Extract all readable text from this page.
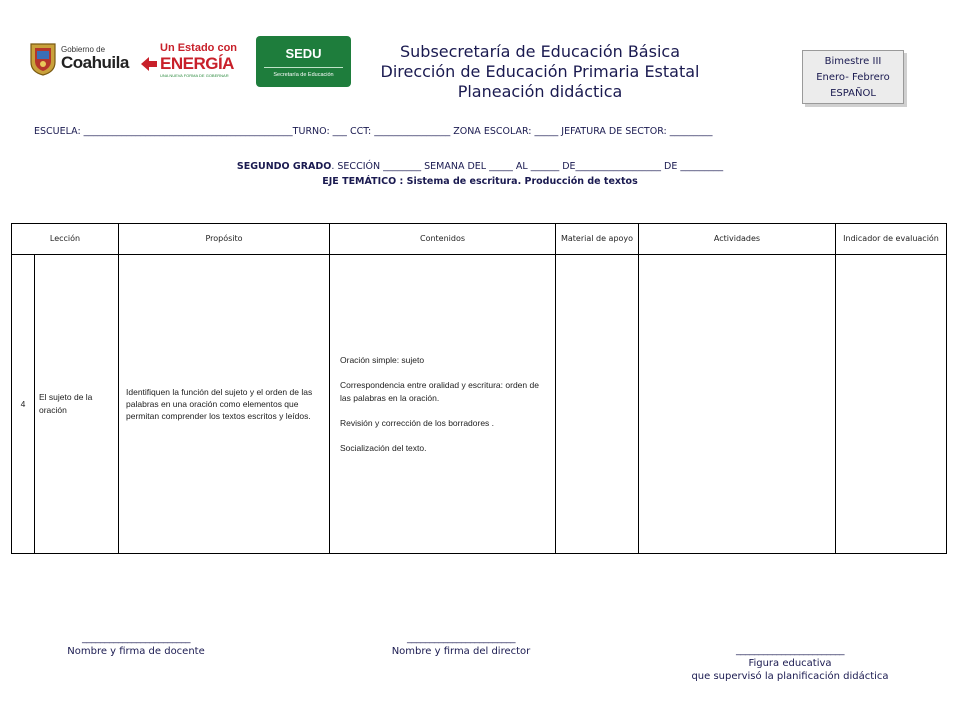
Gobierno de
Coahuila
Un Estado con
ENERGÍA
UNA NUEVA FORMA DE GOBERNAR
SEDU
Secretaría de Educación
Subsecretaría de Educación Básica
Dirección de Educación Primaria Estatal
Planeación didáctica
Bimestre III
Enero- Febrero
ESPAÑOL
ESCUELA: ____________________________________________TURNO: ___ CCT: ________________ ZONA ESCOLAR: _____ JEFATURA DE SECTOR: _________
SEGUNDO GRADO. SECCIÓN ________ SEMANA DEL _____ AL ______ DE__________________ DE _________
EJE TEMÁTICO : Sistema de escritura. Producción de textos
Lección		Propósito	Contenidos	Material de apoyo	Actividades	Indicador de evaluación
4	El sujeto de la oración	Identifiquen la función del sujeto y el orden de las palabras en una oración como elementos que permitan comprender los textos escritos y leídos.	Oración simple: sujeto

Correspondencia entre oralidad y escritura: orden de las palabras en la oración.

Revisión y corrección de los borradores .

Socialización del texto.			

________________________
Nombre y firma de docente
________________________
Nombre y firma del director	________________________
Figura educativa
que supervisó la planificación didáctica
